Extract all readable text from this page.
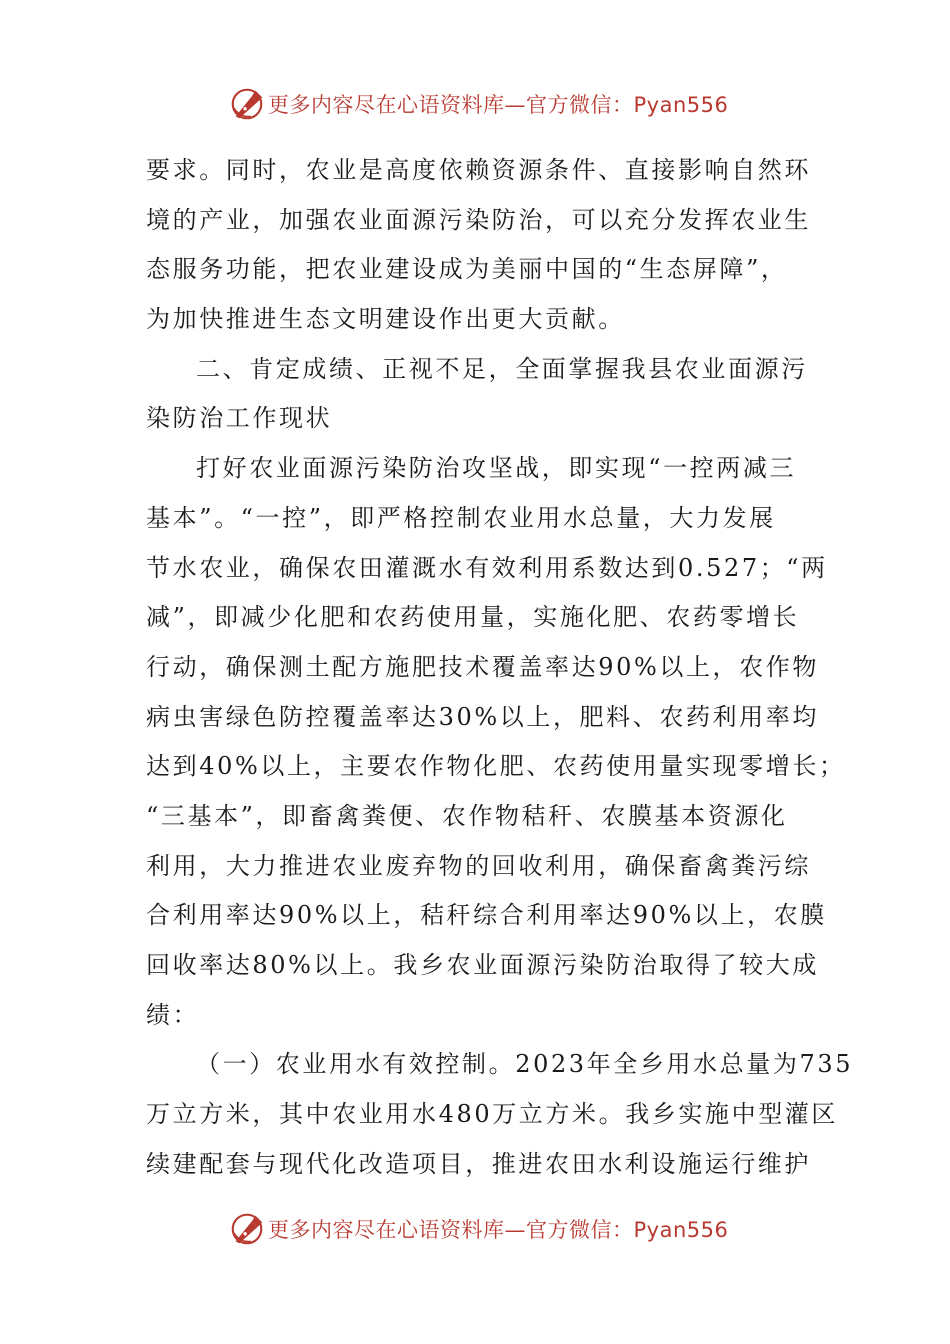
更多内容尽在心语资料库—官方微信：Pyan556
要求。同时，农业是高度依赖资源条件、直接影响自然环
境的产业，加强农业面源污染防治，可以充分发挥农业生
态服务功能，把农业建设成为美丽中国的“生态屏障”，
为加快推进生态文明建设作出更大贡献。
二、肯定成绩、正视不足，全面掌握我县农业面源污
染防治工作现状
打好农业面源污染防治攻坚战，即实现“一控两减三
基本”。“一控”，即严格控制农业用水总量，大力发展
节水农业，确保农田灌溉水有效利用系数达到0.527；“两
减”，即减少化肥和农药使用量，实施化肥、农药零增长
行动，确保测土配方施肥技术覆盖率达90%以上，农作物
病虫害绿色防控覆盖率达30%以上，肥料、农药利用率均
达到40%以上，主要农作物化肥、农药使用量实现零增长；
“三基本”，即畜禽粪便、农作物秸秆、农膜基本资源化
利用，大力推进农业废弃物的回收利用，确保畜禽粪污综
合利用率达90%以上，秸秆综合利用率达90%以上，农膜
回收率达80%以上。我乡农业面源污染防治取得了较大成
绩：
（一）农业用水有效控制。2023年全乡用水总量为735
万立方米，其中农业用水480万立方米。我乡实施中型灌区
续建配套与现代化改造项目，推进农田水利设施运行维护
更多内容尽在心语资料库—官方微信：Pyan556
